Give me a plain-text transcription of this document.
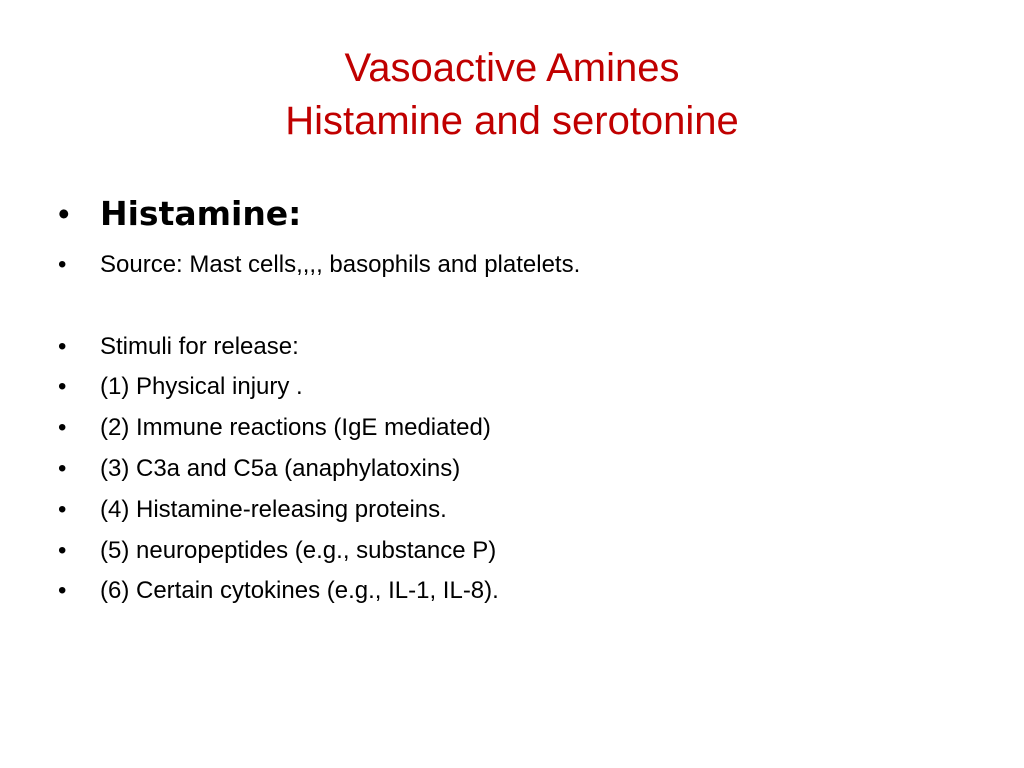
Vasoactive Amines
Histamine and serotonine
• Histamine:
• Source: Mast cells,,,, basophils and platelets.
• Stimuli for release:
• (1) Physical injury .
• (2) Immune reactions (IgE mediated)
• (3) C3a and C5a (anaphylatoxins)
• (4) Histamine-releasing proteins.
• (5) neuropeptides (e.g., substance P)
• (6) Certain cytokines (e.g., IL-1, IL-8).
